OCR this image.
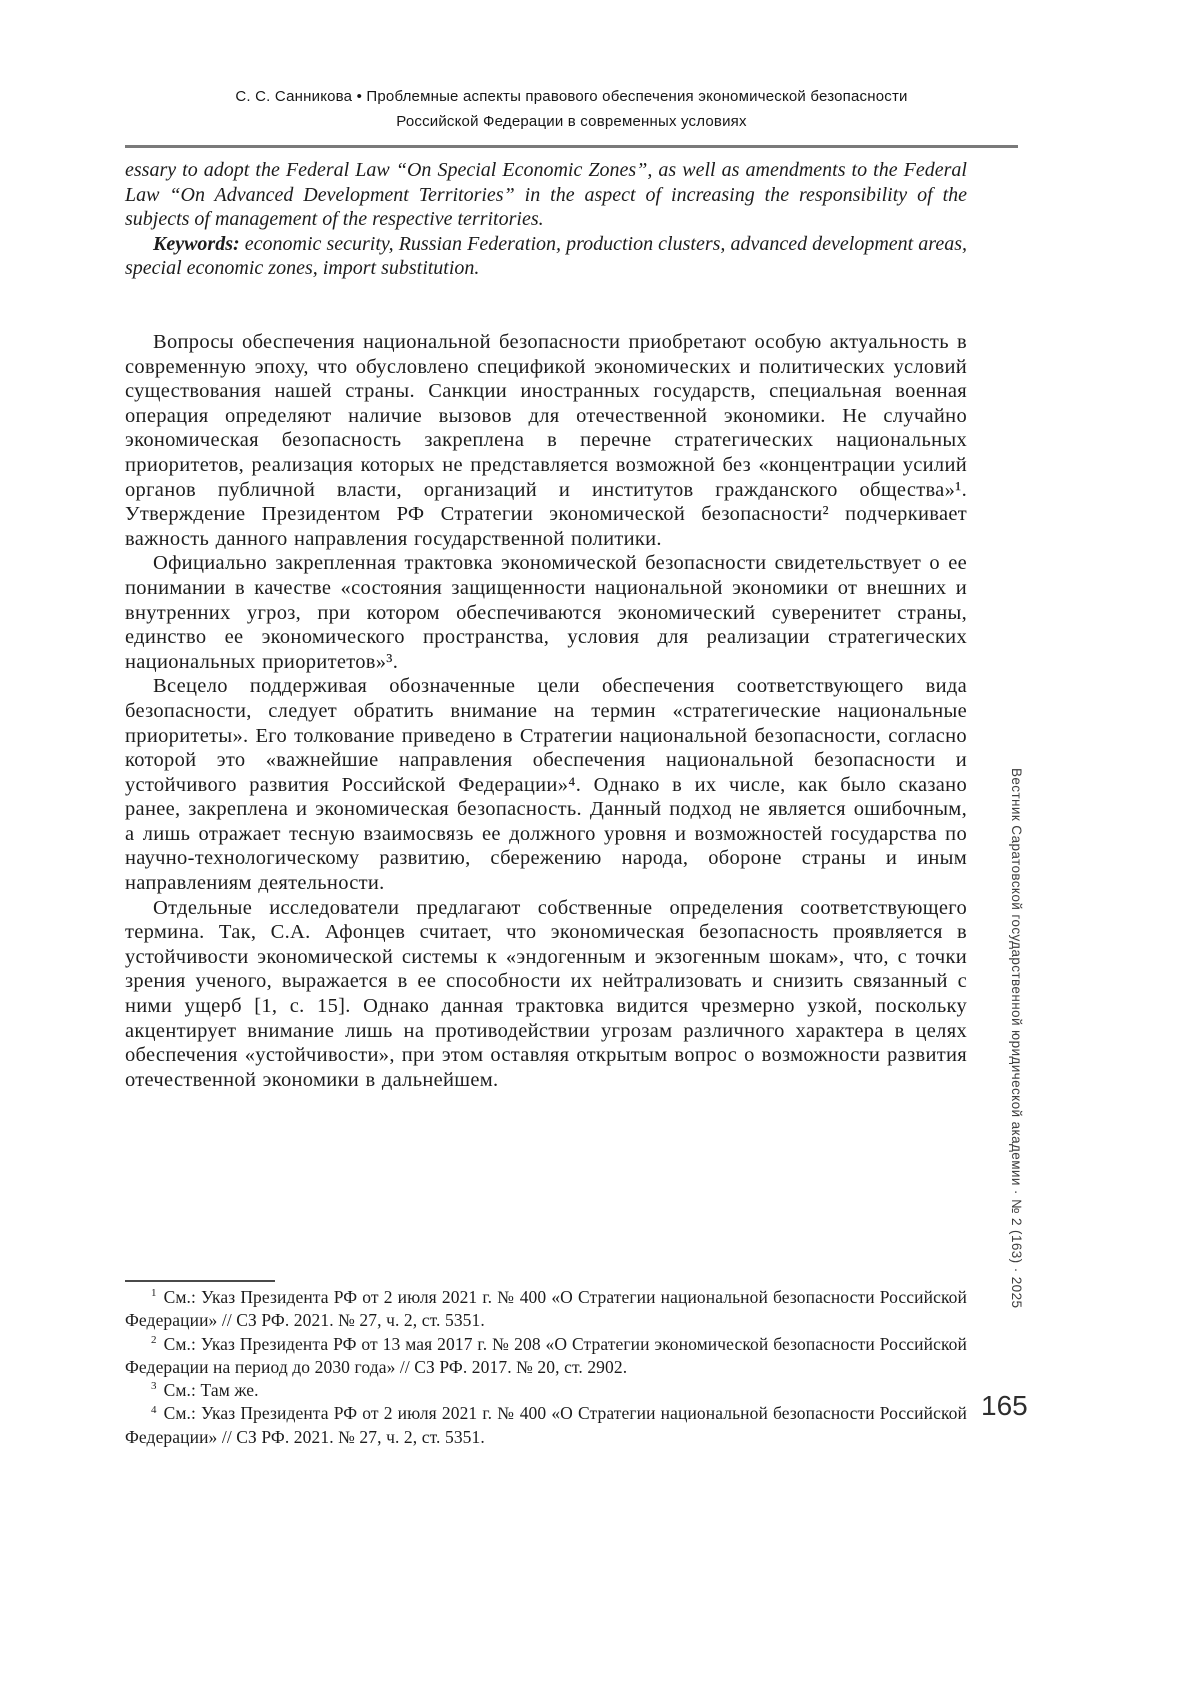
С. С. Санникова • Проблемные аспекты правового обеспечения экономической безопасности
Российской Федерации в современных условиях

essary to adopt the Federal Law “On Special Economic Zones”, as well as amendments to the Federal Law “On Advanced Development Territories” in the aspect of increasing the responsibility of the subjects of management of the respective territories.

Keywords: economic security, Russian Federation, production clusters, advanced development areas, special economic zones, import substitution.

Вопросы обеспечения национальной безопасности приобретают особую актуальность в современную эпоху, что обусловлено спецификой экономических и политических условий существования нашей страны. Санкции иностранных государств, специальная военная операция определяют наличие вызовов для отечественной экономики. Не случайно экономическая безопасность закреплена в перечне стратегических национальных приоритетов, реализация которых не представляется возможной без «концентрации усилий органов публичной власти, организаций и институтов гражданского общества»¹. Утверждение Президентом РФ Стратегии экономической безопасности² подчеркивает важность данного направления государственной политики.

Официально закрепленная трактовка экономической безопасности свидетельствует о ее понимании в качестве «состояния защищенности национальной экономики от внешних и внутренних угроз, при котором обеспечиваются экономический суверенитет страны, единство ее экономического пространства, условия для реализации стратегических национальных приоритетов»³.

Всецело поддерживая обозначенные цели обеспечения соответствующего вида безопасности, следует обратить внимание на термин «стратегические национальные приоритеты». Его толкование приведено в Стратегии национальной безопасности, согласно которой это «важнейшие направления обеспечения национальной безопасности и устойчивого развития Российской Федерации»⁴. Однако в их числе, как было сказано ранее, закреплена и экономическая безопасность. Данный подход не является ошибочным, а лишь отражает тесную взаимосвязь ее должного уровня и возможностей государства по научно-технологическому развитию, сбережению народа, обороне страны и иным направлениям деятельности.

Отдельные исследователи предлагают собственные определения соответствующего термина. Так, С.А. Афонцев считает, что экономическая безопасность проявляется в устойчивости экономической системы к «эндогенным и экзогенным шокам», что, с точки зрения ученого, выражается в ее способности их нейтрализовать и снизить связанный с ними ущерб [1, с. 15]. Однако данная трактовка видится чрезмерно узкой, поскольку акцентирует внимание лишь на противодействии угрозам различного характера в целях обеспечения «устойчивости», при этом оставляя открытым вопрос о возможности развития отечественной экономики в дальнейшем.

$^1$ См.: Указ Президента РФ от 2 июля 2021 г. № 400 «О Стратегии национальной безопасности Российской Федерации» // СЗ РФ. 2021. № 27, ч. 2, ст. 5351.

$^2$ См.: Указ Президента РФ от 13 мая 2017 г. № 208 «О Стратегии экономической безопасности Российской Федерации на период до 2030 года» // СЗ РФ. 2017. № 20, ст. 2902.

$^3$ См.: Там же.

$^4$ См.: Указ Президента РФ от 2 июля 2021 г. № 400 «О Стратегии национальной безопасности Российской Федерации» // СЗ РФ. 2021. № 27, ч. 2, ст. 5351.

Вестник Саратовской государственной юридической академии · № 2 (163) · 2025
165
